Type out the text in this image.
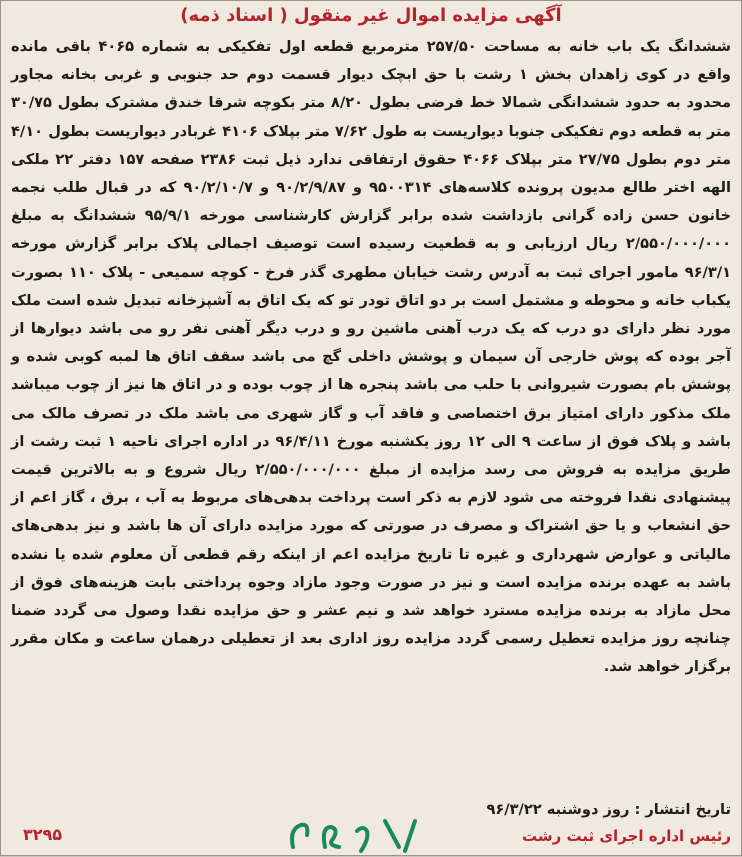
آگهی مزایده اموال غیر منقول ( اسناد ذمه)
ششدانگ یک باب خانه به مساحت ۲۵۷/۵۰ مترمربع قطعه اول تفکیکی به شماره ۴۰۶۵ باقی مانده واقع در کوی زاهدان بخش ۱ رشت با حق ابچک دیوار قسمت دوم حد جنوبی و غربی بخانه مجاور محدود به حدود ششدانگی شمالا خط فرضی بطول ۸/۲۰ متر بکوچه شرقا خندق مشترک بطول ۳۰/۷۵ متر به قطعه دوم تفکیکی جنوبا دیواریست به طول ۷/۶۲ متر بپلاک ۴۱۰۶ غربادر دیواریست بطول ۴/۱۰ متر دوم بطول ۲۷/۷۵ متر بپلاک ۴۰۶۶ حقوق ارتفاقی ندارد ذیل ثبت ۲۳۸۶ صفحه ۱۵۷ دفتر ۲۲ ملکی الهه اختر طالع مدیون پرونده کلاسه‌های ۹۵۰۰۳۱۴ و ۹۰/۲/۹/۸۷ و ۹۰/۲/۱۰/۷ که در قبال طلب نجمه خانون حسن زاده گرانی بازداشت شده برابر گزارش کارشناسی مورخه ۹۵/۹/۱ ششدانگ به مبلغ ۲/۵۵۰/۰۰۰/۰۰۰ ریال ارزیابی و به قطعیت رسیده است توصیف اجمالی پلاک برابر گزارش مورخه ۹۶/۳/۱ مامور اجرای ثبت به آدرس رشت خیابان مطهری گذر فرخ - کوچه سمیعی - پلاک ۱۱۰ بصورت یکباب خانه و محوطه و مشتمل است بر دو اتاق تودر تو که یک اتاق به آشپزخانه تبدیل شده است ملک مورد نظر دارای دو درب که یک درب آهنی ماشین رو و درب دیگر آهنی نفر رو می باشد دیوارها از آجر بوده که پوش خارجی آن سیمان و پوشش داخلی گچ می باشد سقف اتاق ها لمبه کوبی شده و پوشش بام بصورت شیروانی با حلب می باشد پنجره ها از چوب بوده و در اتاق ها نیز از چوب میباشد ملک مذکور دارای امتیاز برق اختصاصی و فاقد آب و گاز شهری می باشد ملک در تصرف مالک می باشد و پلاک فوق از ساعت ۹ الی ۱۲ روز یکشنبه مورخ ۹۶/۴/۱۱ در اداره اجرای ناحیه ۱ ثبت رشت از طریق مزایده به فروش می رسد مزایده از مبلغ ۲/۵۵۰/۰۰۰/۰۰۰ ریال شروع و به بالاترین قیمت پیشنهادی نقدا فروخته می شود لازم به ذکر است پرداخت بدهی‌های مربوط به آب ، برق ، گاز اعم از حق انشعاب و یا حق اشتراک و مصرف در صورتی که مورد مزایده دارای آن ها باشد و نیز بدهی‌های مالیاتی و عوارض شهرداری و غیره تا تاریخ مزایده اعم از اینکه رقم قطعی آن معلوم شده یا نشده باشد به عهده برنده مزایده است و نیز در صورت وجود مازاد وجوه پرداختی بابت هزینه‌های فوق از محل مازاد به برنده مزایده مسترد خواهد شد و نیم عشر و حق مزایده نقدا وصول می گردد ضمنا چنانچه روز مزایده تعطیل رسمی گردد مزایده روز اداری بعد از تعطیلی درهمان ساعت و مکان مقرر برگزار خواهد شد.
تاریخ انتشار : روز دوشنبه ۹۶/۳/۲۲
رئیس اداره اجرای ثبت رشت
۳۲۹۵
